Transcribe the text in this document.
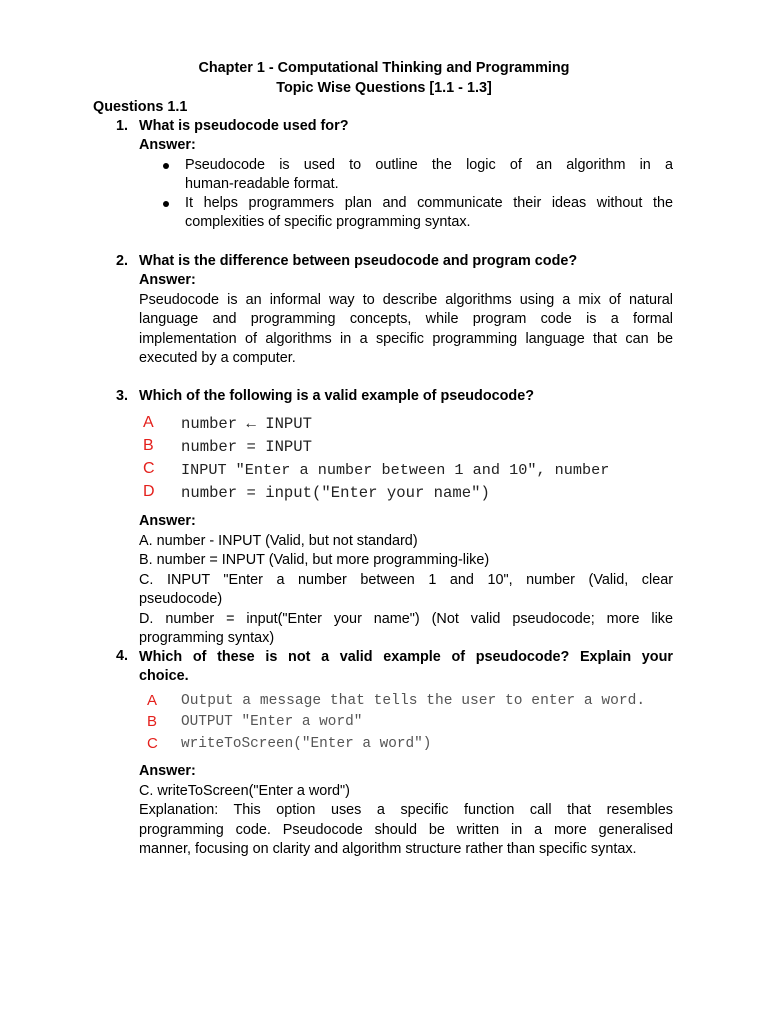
Chapter 1 - Computational Thinking and Programming
Topic Wise Questions [1.1 - 1.3]
Questions 1.1
1. What is pseudocode used for?
Answer:
Pseudocode is used to outline the logic of an algorithm in a
human-readable format.
It helps programmers plan and communicate their ideas without the
complexities of specific programming syntax.
2. What is the difference between pseudocode and program code?
Answer:
Pseudocode is an informal way to describe algorithms using a mix of natural
language and programming concepts, while program code is a formal
implementation of algorithms in a specific programming language that can be
executed by a computer.
3. Which of the following is a valid example of pseudocode?
A number ← INPUT
B number = INPUT
C INPUT "Enter a number between 1 and 10", number
D number = input("Enter your name")
Answer:
A. number - INPUT (Valid, but not standard)
B. number = INPUT (Valid, but more programming-like)
C. INPUT "Enter a number between 1 and 10", number (Valid, clear
pseudocode)
D. number = input("Enter your name") (Not valid pseudocode; more like
programming syntax)
4. Which of these is not a valid example of pseudocode? Explain your
choice.
A Output a message that tells the user to enter a word.
B OUTPUT "Enter a word"
C writeToScreen("Enter a word")
Answer:
C. writeToScreen("Enter a word")
Explanation: This option uses a specific function call that resembles
programming code. Pseudocode should be written in a more generalised
manner, focusing on clarity and algorithm structure rather than specific syntax.
